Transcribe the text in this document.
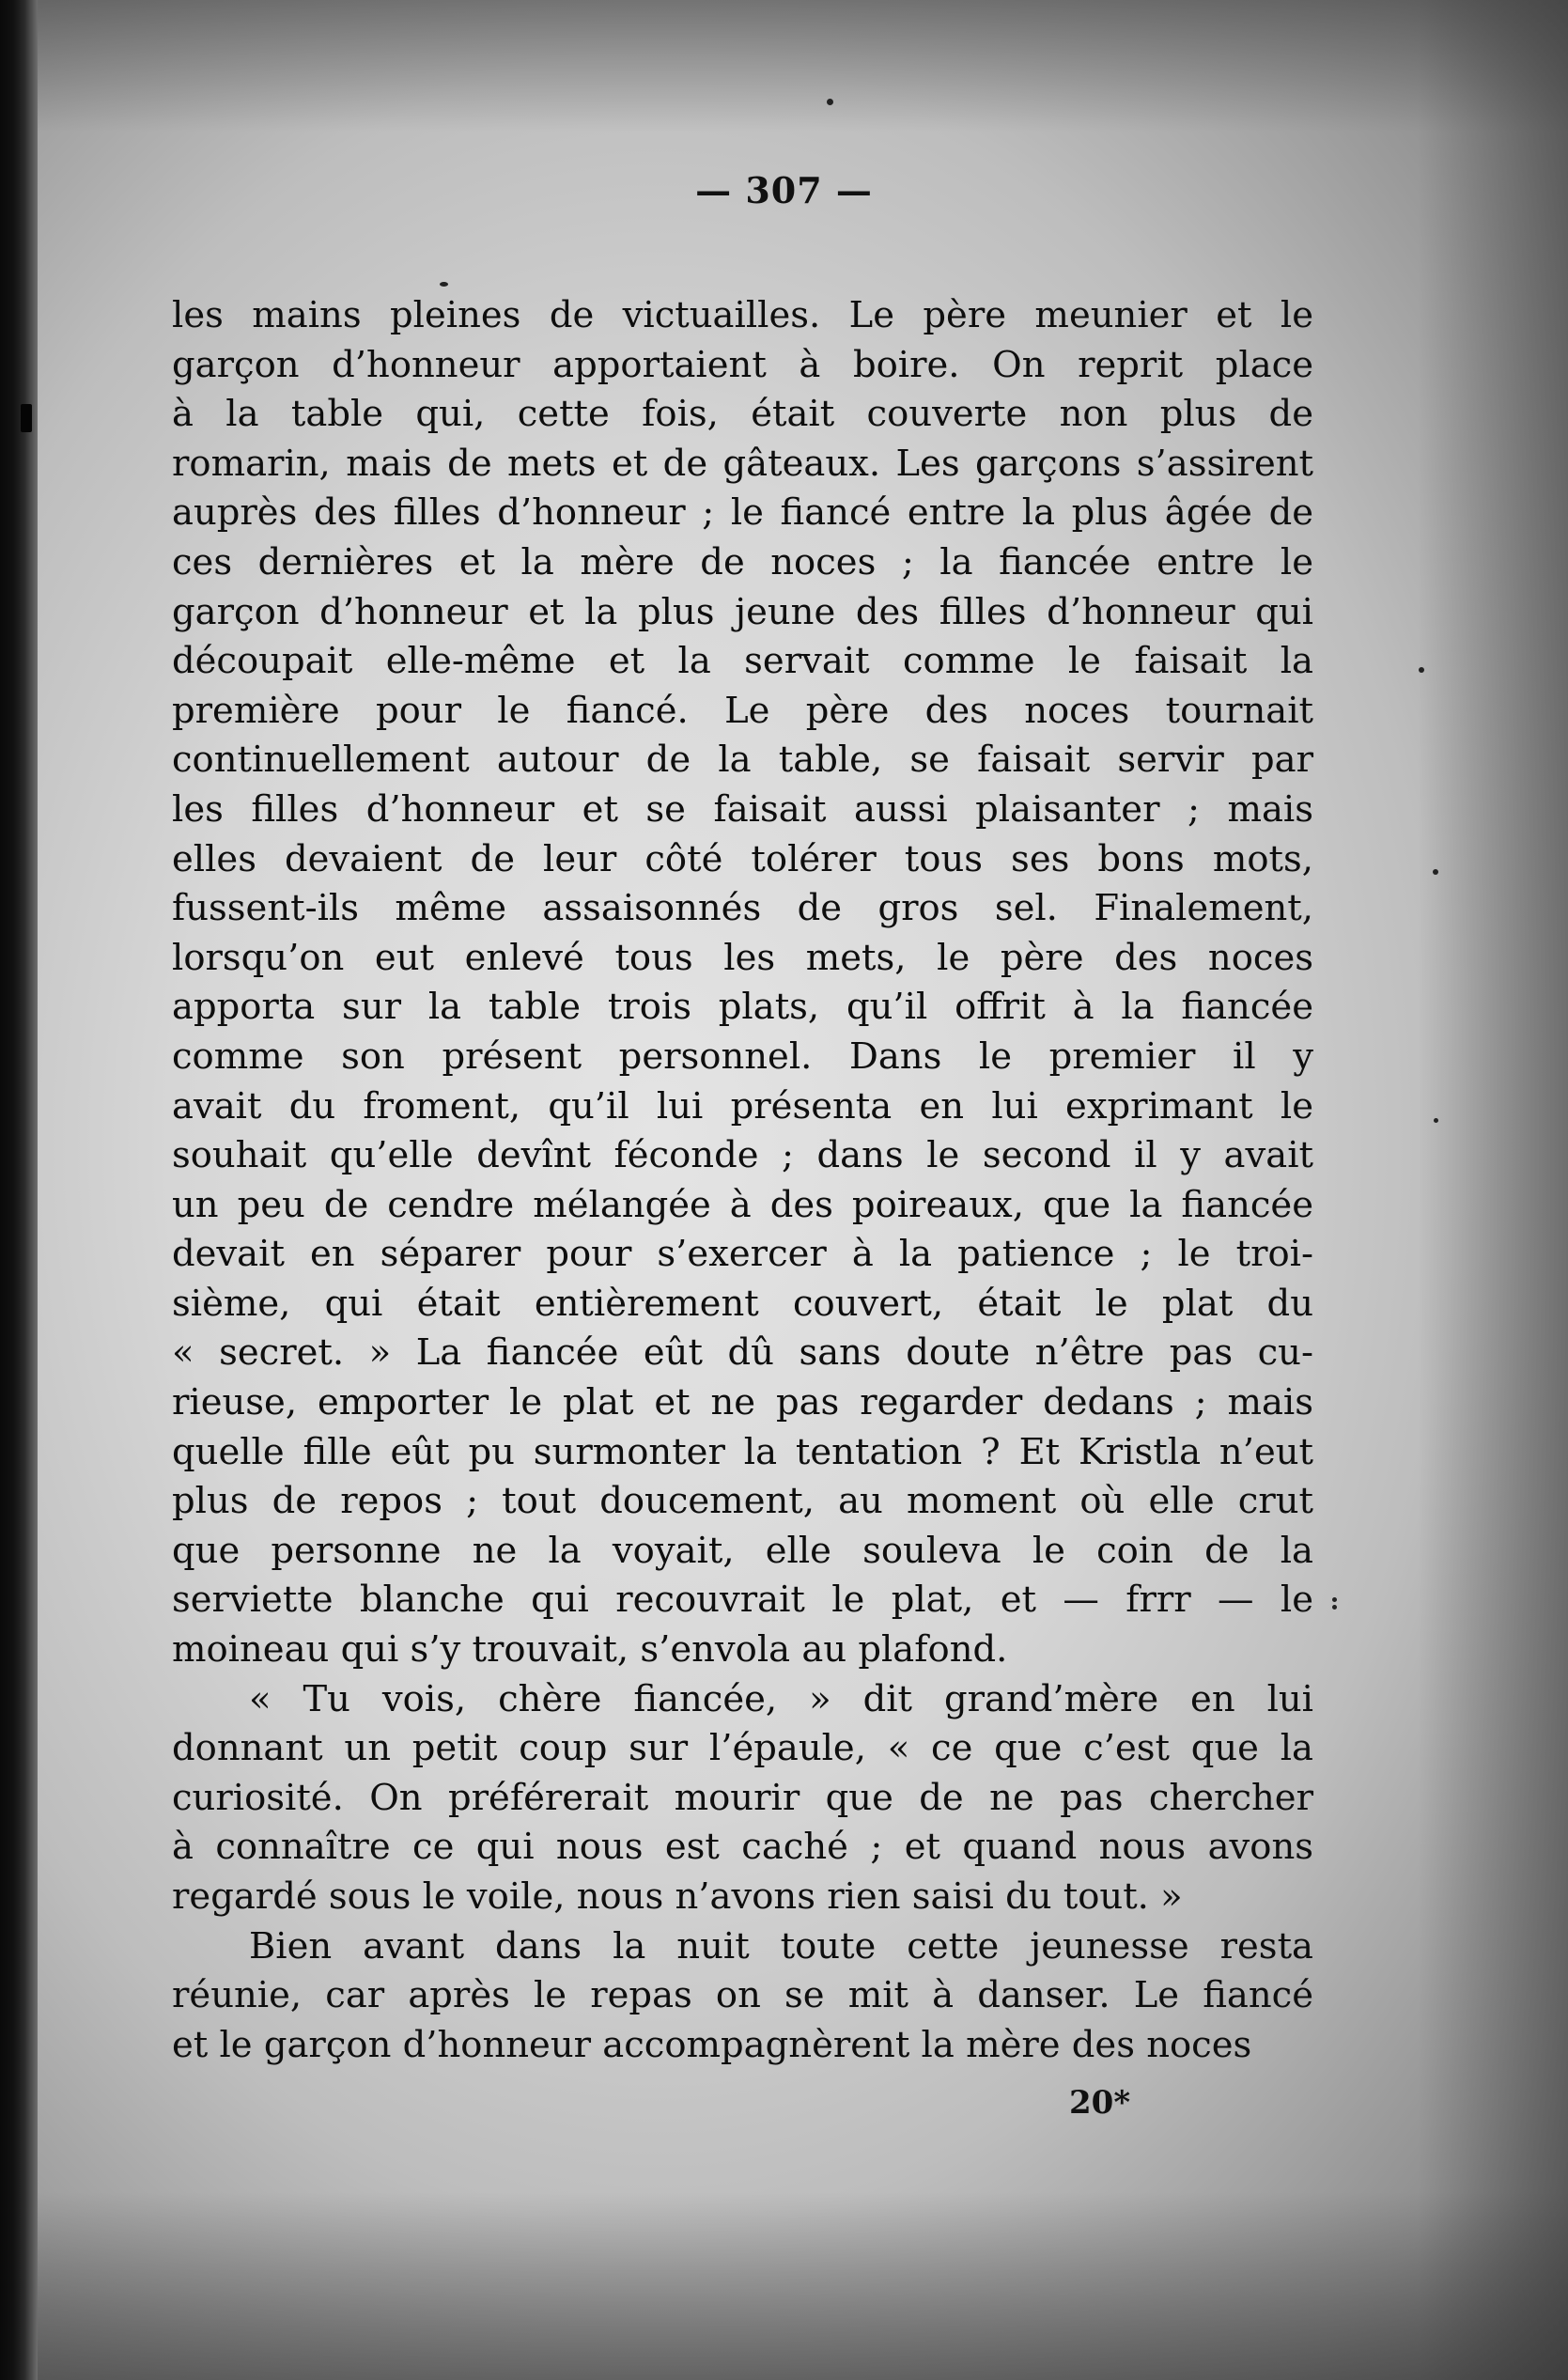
— 307 —
les mains pleines de victuailles. Le père meunier et le
garçon d’honneur apportaient à boire. On reprit place
à la table qui, cette fois, était couverte non plus de
romarin, mais de mets et de gâteaux. Les garçons s’assirent
auprès des filles d’honneur ; le fiancé entre la plus âgée de
ces dernières et la mère de noces ; la fiancée entre le
garçon d’honneur et la plus jeune des filles d’honneur qui
découpait elle-même et la servait comme le faisait la
première pour le fiancé. Le père des noces tournait
continuellement autour de la table, se faisait servir par
les filles d’honneur et se faisait aussi plaisanter ; mais
elles devaient de leur côté tolérer tous ses bons mots,
fussent-ils même assaisonnés de gros sel. Finalement,
lorsqu’on eut enlevé tous les mets, le père des noces
apporta sur la table trois plats, qu’il offrit à la fiancée
comme son présent personnel. Dans le premier il y
avait du froment, qu’il lui présenta en lui exprimant le
souhait qu’elle devînt féconde ; dans le second il y avait
un peu de cendre mélangée à des poireaux, que la fiancée
devait en séparer pour s’exercer à la patience ; le troi-
sième, qui était entièrement couvert, était le plat du
« secret. » La fiancée eût dû sans doute n’être pas cu-
rieuse, emporter le plat et ne pas regarder dedans ; mais
quelle fille eût pu surmonter la tentation ? Et Kristla n’eut
plus de repos ; tout doucement, au moment où elle crut
que personne ne la voyait, elle souleva le coin de la
serviette blanche qui recouvrait le plat, et — frrr — le
moineau qui s’y trouvait, s’envola au plafond.
« Tu vois, chère fiancée, » dit grand’mère en lui
donnant un petit coup sur l’épaule, « ce que c’est que la
curiosité. On préférerait mourir que de ne pas chercher
à connaître ce qui nous est caché ; et quand nous avons
regardé sous le voile, nous n’avons rien saisi du tout. »
Bien avant dans la nuit toute cette jeunesse resta
réunie, car après le repas on se mit à danser. Le fiancé
et le garçon d’honneur accompagnèrent la mère des noces
20*
